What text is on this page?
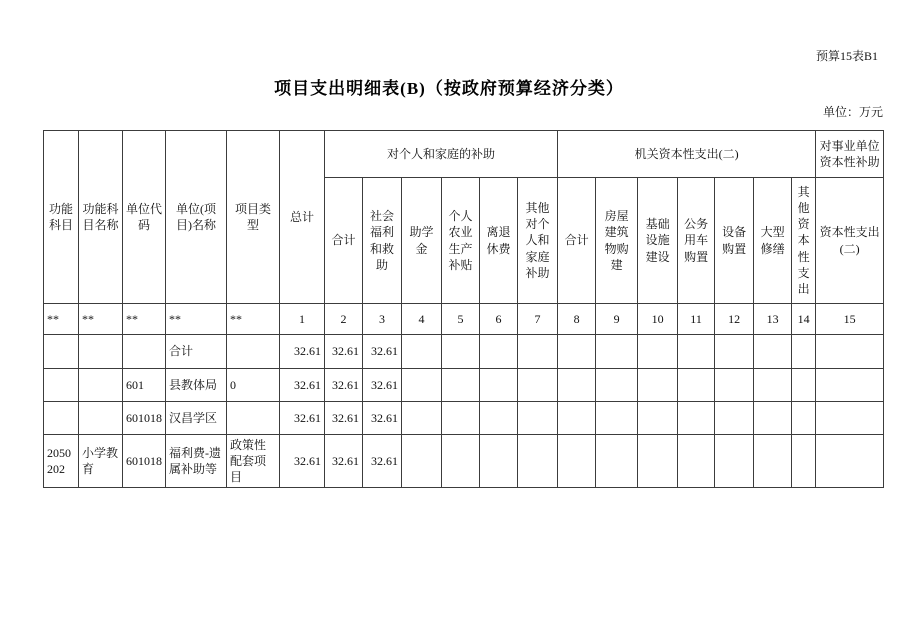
预算15表B1
项目支出明细表(B)（按政府预算经济分类）
单位：万元
功能科目	功能科目名称	单位代码	单位(项目)名称	项目类型	总计	对个人和家庭的补助						机关资本性支出(二)							对事业单位资本性补助
						合计	社会福利和救助	助学金	个人农业生产补贴	离退休费	其他对个人和家庭补助	合计	房屋建筑物购建	基础设施建设	公务用车购置	设备购置	大型修缮	其他资本性支出	资本性支出(二)
**	**	**	**	**	1	2	3	4	5	6	7	8	9	10	11	12	13	14	15
			合计		32.61	32.61	32.61												
		601	县教体局	0	32.61	32.61	32.61												
		601018	汉昌学区		32.61	32.61	32.61												
2050202	小学教育	601018	福利费-遗属补助等	政策性配套项目	32.61	32.61	32.61												
